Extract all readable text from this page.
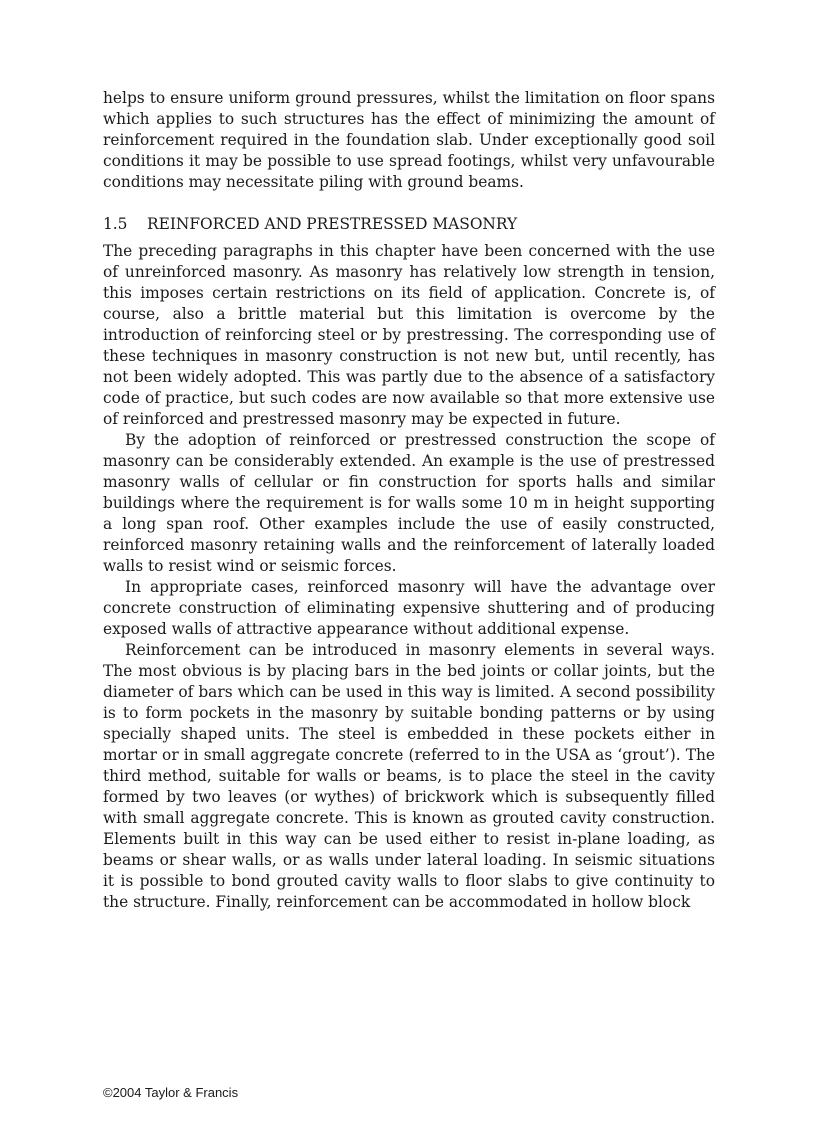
helps to ensure uniform ground pressures, whilst the limitation on floor spans which applies to such structures has the effect of minimizing the amount of reinforcement required in the foundation slab. Under exceptionally good soil conditions it may be possible to use spread footings, whilst very unfavourable conditions may necessitate piling with ground beams.

1.5 REINFORCED AND PRESTRESSED MASONRY

The preceding paragraphs in this chapter have been concerned with the use of unreinforced masonry. As masonry has relatively low strength in tension, this imposes certain restrictions on its field of application. Concrete is, of course, also a brittle material but this limitation is overcome by the introduction of reinforcing steel or by prestressing. The corresponding use of these techniques in masonry construction is not new but, until recently, has not been widely adopted. This was partly due to the absence of a satisfactory code of practice, but such codes are now available so that more extensive use of reinforced and prestressed masonry may be expected in future.

By the adoption of reinforced or prestressed construction the scope of masonry can be considerably extended. An example is the use of prestressed masonry walls of cellular or fin construction for sports halls and similar buildings where the requirement is for walls some 10 m in height supporting a long span roof. Other examples include the use of easily constructed, reinforced masonry retaining walls and the reinforcement of laterally loaded walls to resist wind or seismic forces.

In appropriate cases, reinforced masonry will have the advantage over concrete construction of eliminating expensive shuttering and of producing exposed walls of attractive appearance without additional expense.

Reinforcement can be introduced in masonry elements in several ways. The most obvious is by placing bars in the bed joints or collar joints, but the diameter of bars which can be used in this way is limited. A second possibility is to form pockets in the masonry by suitable bonding patterns or by using specially shaped units. The steel is embedded in these pockets either in mortar or in small aggregate concrete (referred to in the USA as ‘grout’). The third method, suitable for walls or beams, is to place the steel in the cavity formed by two leaves (or wythes) of brickwork which is subsequently filled with small aggregate concrete. This is known as grouted cavity construction. Elements built in this way can be used either to resist in-plane loading, as beams or shear walls, or as walls under lateral loading. In seismic situations it is possible to bond grouted cavity walls to floor slabs to give continuity to the structure. Finally, reinforcement can be accommodated in hollow block

©2004 Taylor & Francis
